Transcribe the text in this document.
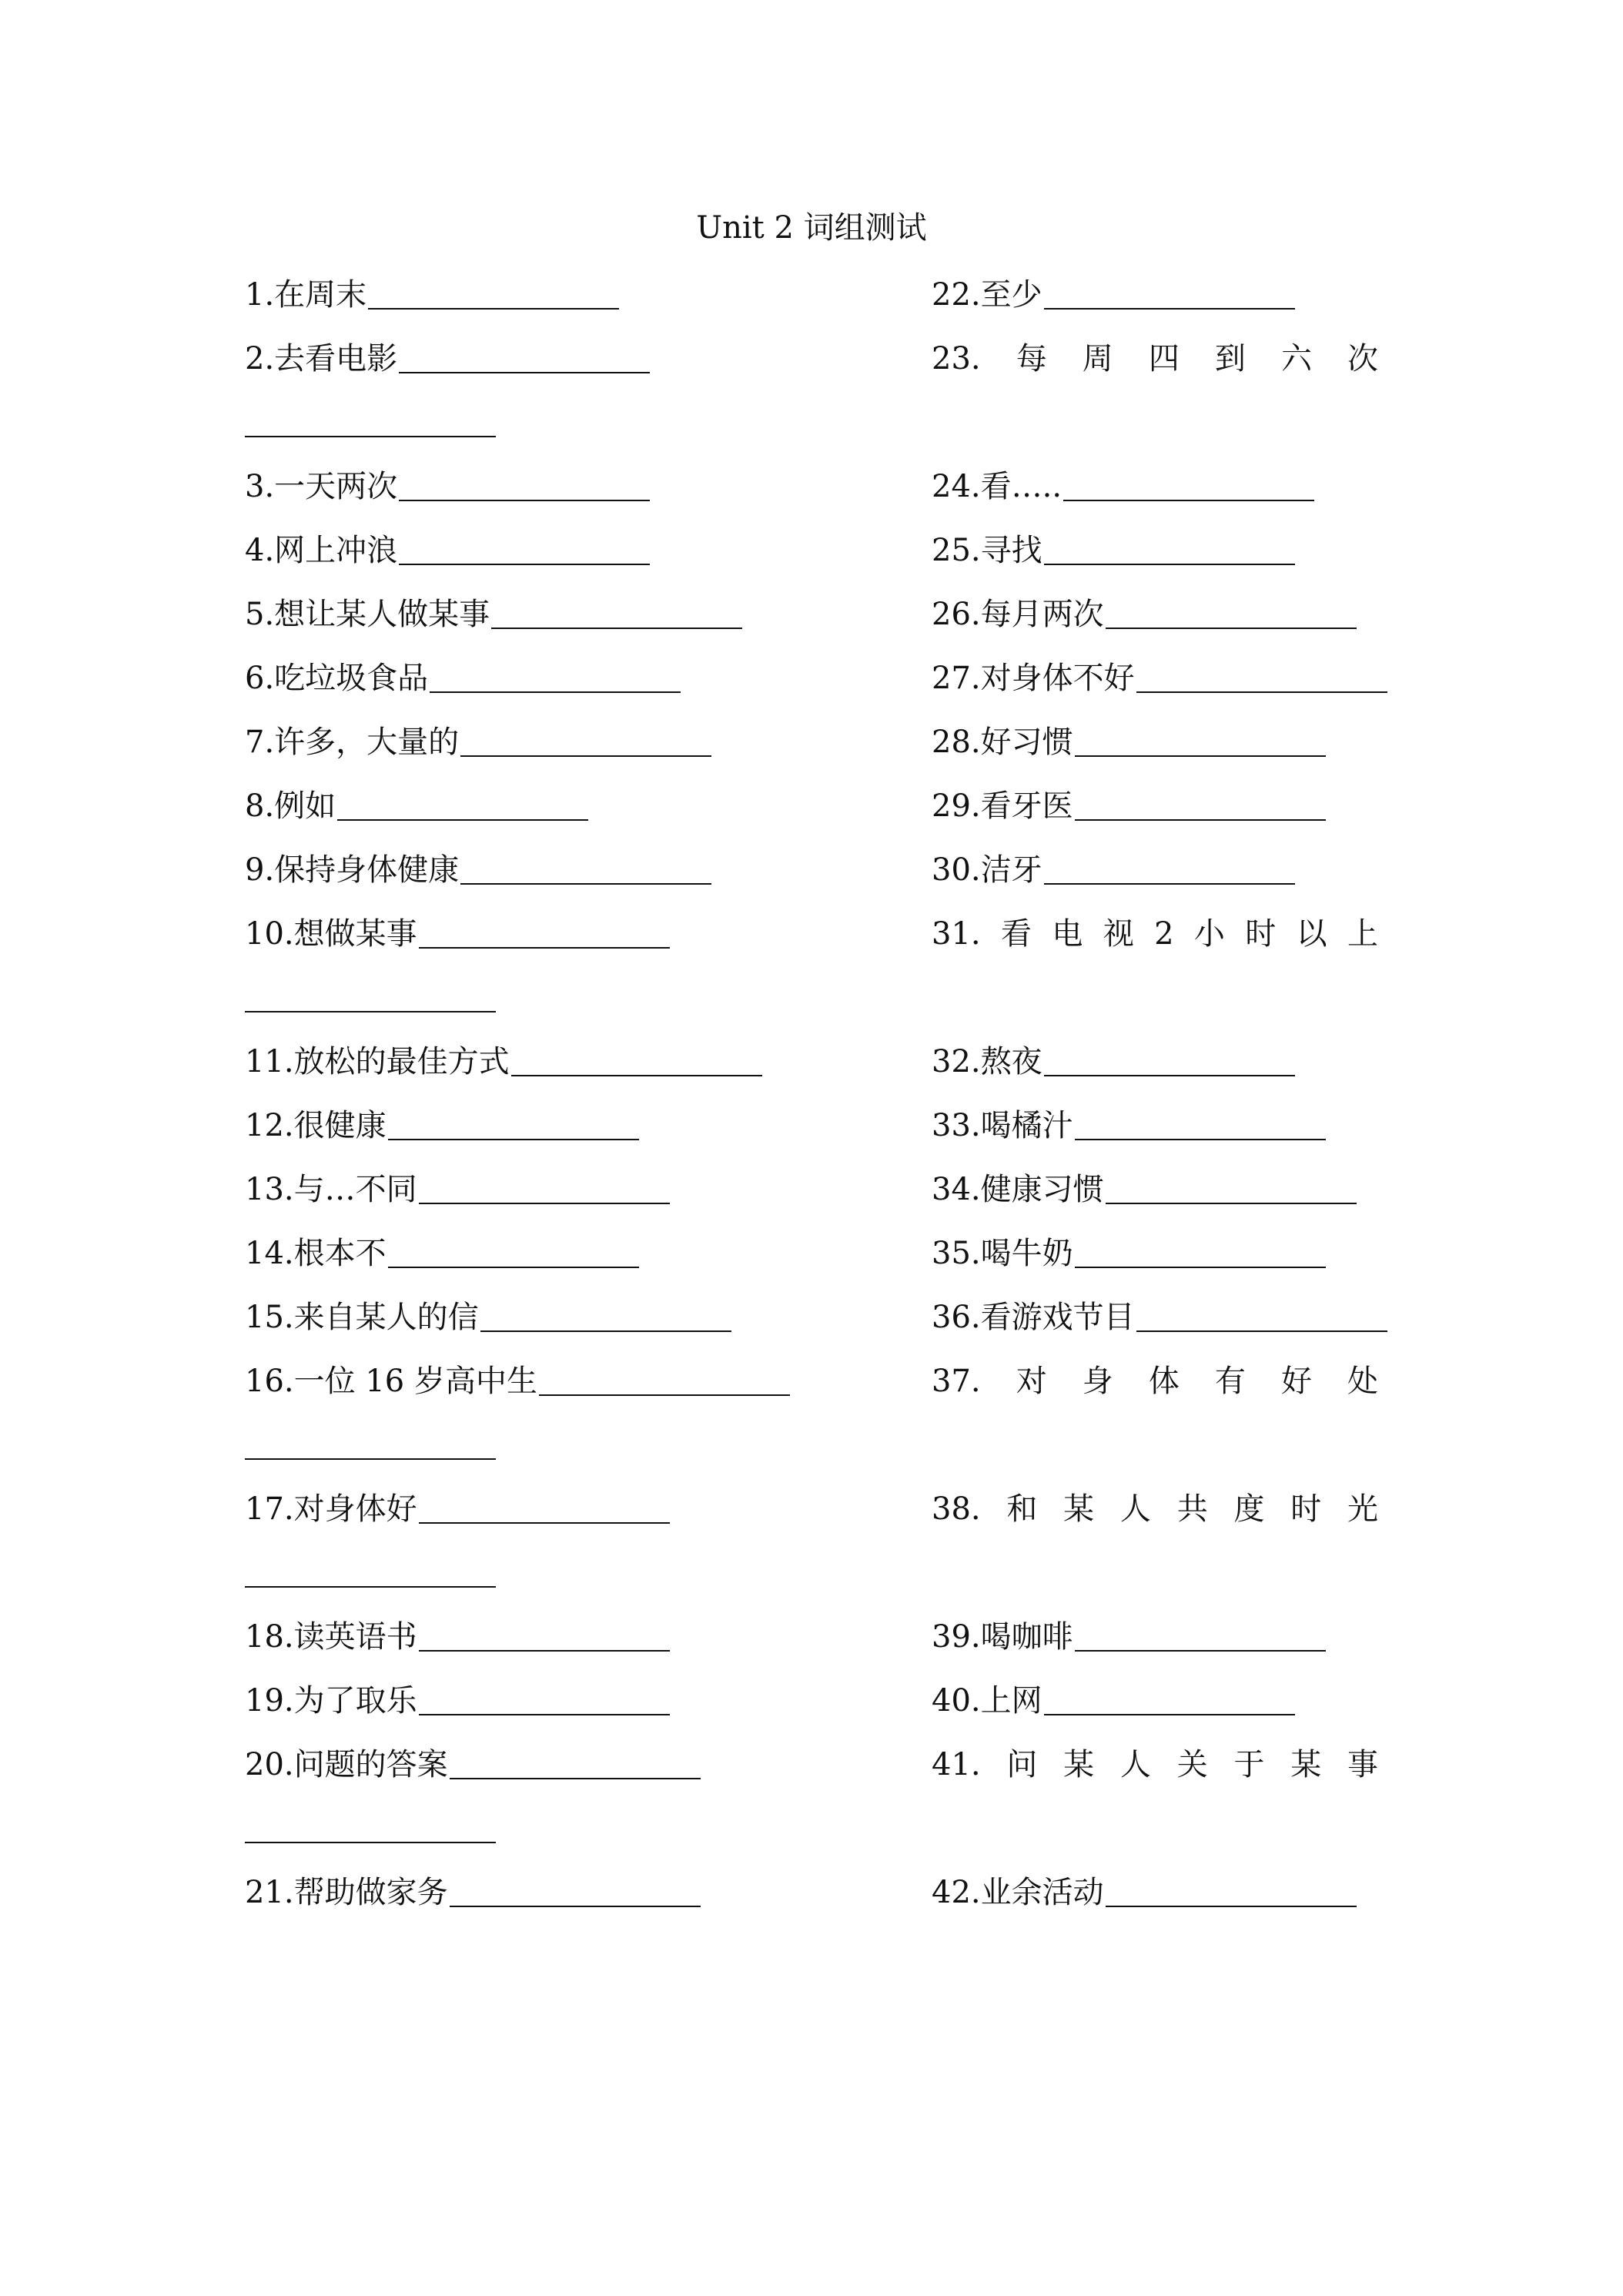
Unit 2 词组测试
1.在周末
2.去看电影
3.一天两次
4.网上冲浪
5.想让某人做某事
6.吃垃圾食品
7.许多，大量的
8.例如
9.保持身体健康
10.想做某事
11.放松的最佳方式
12.很健康
13.与…不同
14.根本不
15.来自某人的信
16.一位 16 岁高中生
17.对身体好
18.读英语书
19.为了取乐
20.问题的答案
21.帮助做家务
22.至少
23. 每 周 四 到 六 次
24.看…..
25.寻找
26.每月两次
27.对身体不好
28.好习惯
29.看牙医
30.洁牙
31. 看 电 视 2 小 时 以 上
32.熬夜
33.喝橘汁
34.健康习惯
35.喝牛奶
36.看游戏节目
37. 对 身 体 有 好 处
38. 和 某 人 共 度 时 光
39.喝咖啡
40.上网
41. 问 某 人 关 于 某 事
42.业余活动
